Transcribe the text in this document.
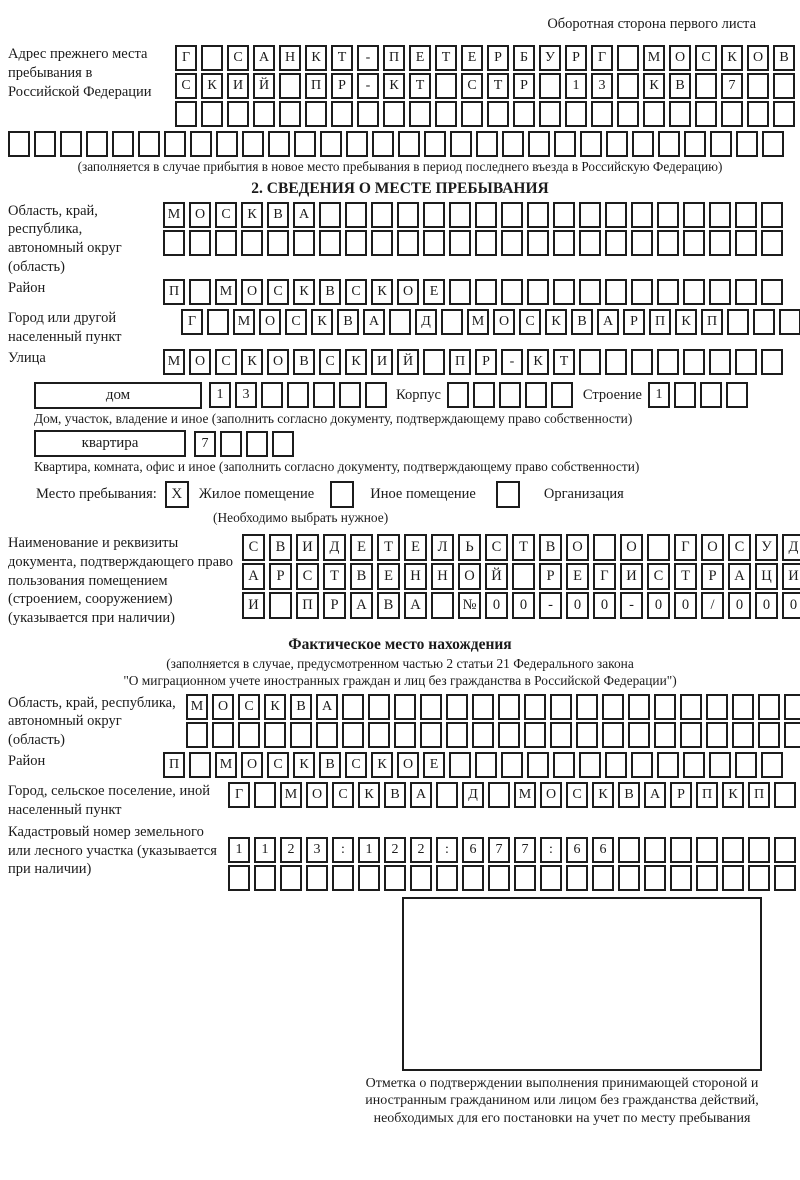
Оборотная сторона первого листа
Адрес прежнего места пребывания в Российской Федерации
Г	С	А	Н	К	Т	-	П	Е	Т	Е	Р	Б	У	Р	Г	М	О	С	К	О	В
С	К	И	Й	П	Р	-	К	Т	С	Т	Р	1	3	К	В	7
(заполняется в случае прибытия в новое место пребывания в период последнего въезда в Российскую Федерацию)
2. СВЕДЕНИЯ О МЕСТЕ ПРЕБЫВАНИЯ
Область, край, республика, автономный округ (область)
М	О	С	К	В	А
Район	П	М	О	С	К	В	С	К	О	Е
Город или другой населенный пункт
Г	М	О	С	К	В	А	Д	М	О	С	К	В	А	Р	П	К	П
Улица	М	О	С	К	О	В	С	К	И	Й	П	Р	-	К	Т
дом	1	3	Корпус	Строение 1
Дом, участок, владение и иное (заполнить согласно документу, подтверждающему право собственности)
квартира	7
Квартира, комната, офис и иное (заполнить согласно документу, подтверждающему право собственности)
Место пребывания: X	Жилое помещение	Иное помещение	Организация
(Необходимо выбрать нужное)
Наименование и реквизиты документа, подтверждающего право пользования помещением (строением, сооружением) (указывается при наличии)
С	В	И	Д	Е	Т	Е	Л	Ь	С	Т	В	О	О	Г	О	С	У	Д
А	Р	С	Т	В	Е	Н	Н	О	Й	Р	Е	Г	И	С	Т	Р	А	Ц	И
И	П	Р	А	В	А	№	0	0	-	0	0	-	0	0	/	0	0	0
Фактическое место нахождения
(заполняется в случае, предусмотренном частью 2 статьи 21 Федерального закона
"О миграционном учете иностранных граждан и лиц без гражданства в Российской Федерации")
Область, край, республика, автономный округ (область)
М	О	С	К	В	А
Район	П	М	О	С	К	В	С	К	О	Е
Город, сельское поселение, иной населенный пункт
Г	М	О	С	К	В	А	Д	М	О	С	К	В	А	Р	П	К	П
Кадастровый номер земельного или лесного участка (указывается при наличии)
1	1	2	3	:	1	2	2	:	6	7	7	:	6	6
Отметка о подтверждении выполнения принимающей стороной и иностранным гражданином или лицом без гражданства действий, необходимых для его постановки на учет по месту пребывания
